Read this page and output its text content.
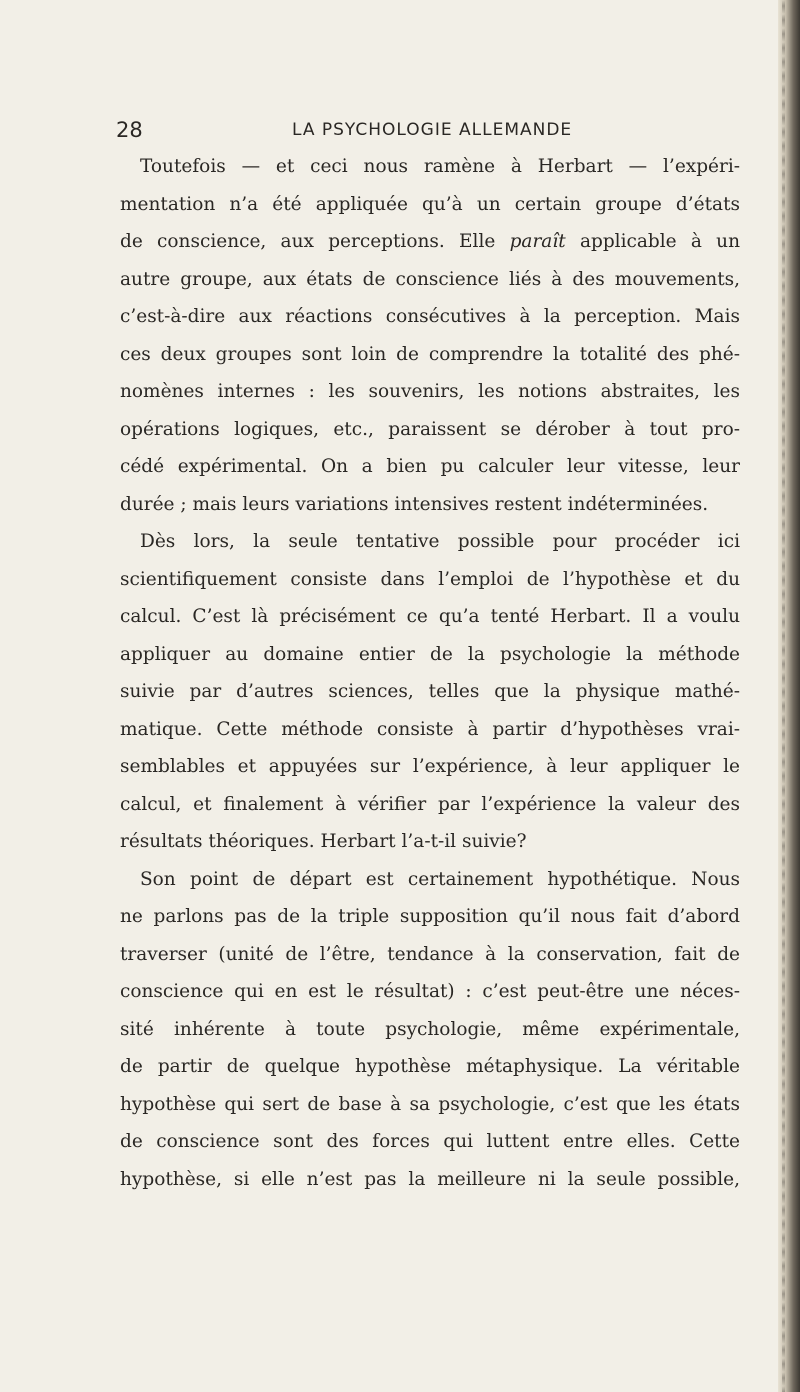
28	LA PSYCHOLOGIE ALLEMANDE
Toutefois — et ceci nous ramène à Herbart — l’expéri-
mentation n’a été appliquée qu’à un certain groupe d’états
de conscience, aux perceptions. Elle paraît applicable à un
autre groupe, aux états de conscience liés à des mouvements,
c’est-à-dire aux réactions consécutives à la perception. Mais
ces deux groupes sont loin de comprendre la totalité des phé-
nomènes internes : les souvenirs, les notions abstraites, les
opérations logiques, etc., paraissent se dérober à tout pro-
cédé expérimental. On a bien pu calculer leur vitesse, leur
durée ; mais leurs variations intensives restent indéterminées.
Dès lors, la seule tentative possible pour procéder ici
scientifiquement consiste dans l’emploi de l’hypothèse et du
calcul. C’est là précisément ce qu’a tenté Herbart. Il a voulu
appliquer au domaine entier de la psychologie la méthode
suivie par d’autres sciences, telles que la physique mathé-
matique. Cette méthode consiste à partir d’hypothèses vrai-
semblables et appuyées sur l’expérience, à leur appliquer le
calcul, et finalement à vérifier par l’expérience la valeur des
résultats théoriques. Herbart l’a-t-il suivie?
Son point de départ est certainement hypothétique. Nous
ne parlons pas de la triple supposition qu’il nous fait d’abord
traverser (unité de l’être, tendance à la conservation, fait de
conscience qui en est le résultat) : c’est peut-être une néces-
sité inhérente à toute psychologie, même expérimentale,
de partir de quelque hypothèse métaphysique. La véritable
hypothèse qui sert de base à sa psychologie, c’est que les états
de conscience sont des forces qui luttent entre elles. Cette
hypothèse, si elle n’est pas la meilleure ni la seule possible,
